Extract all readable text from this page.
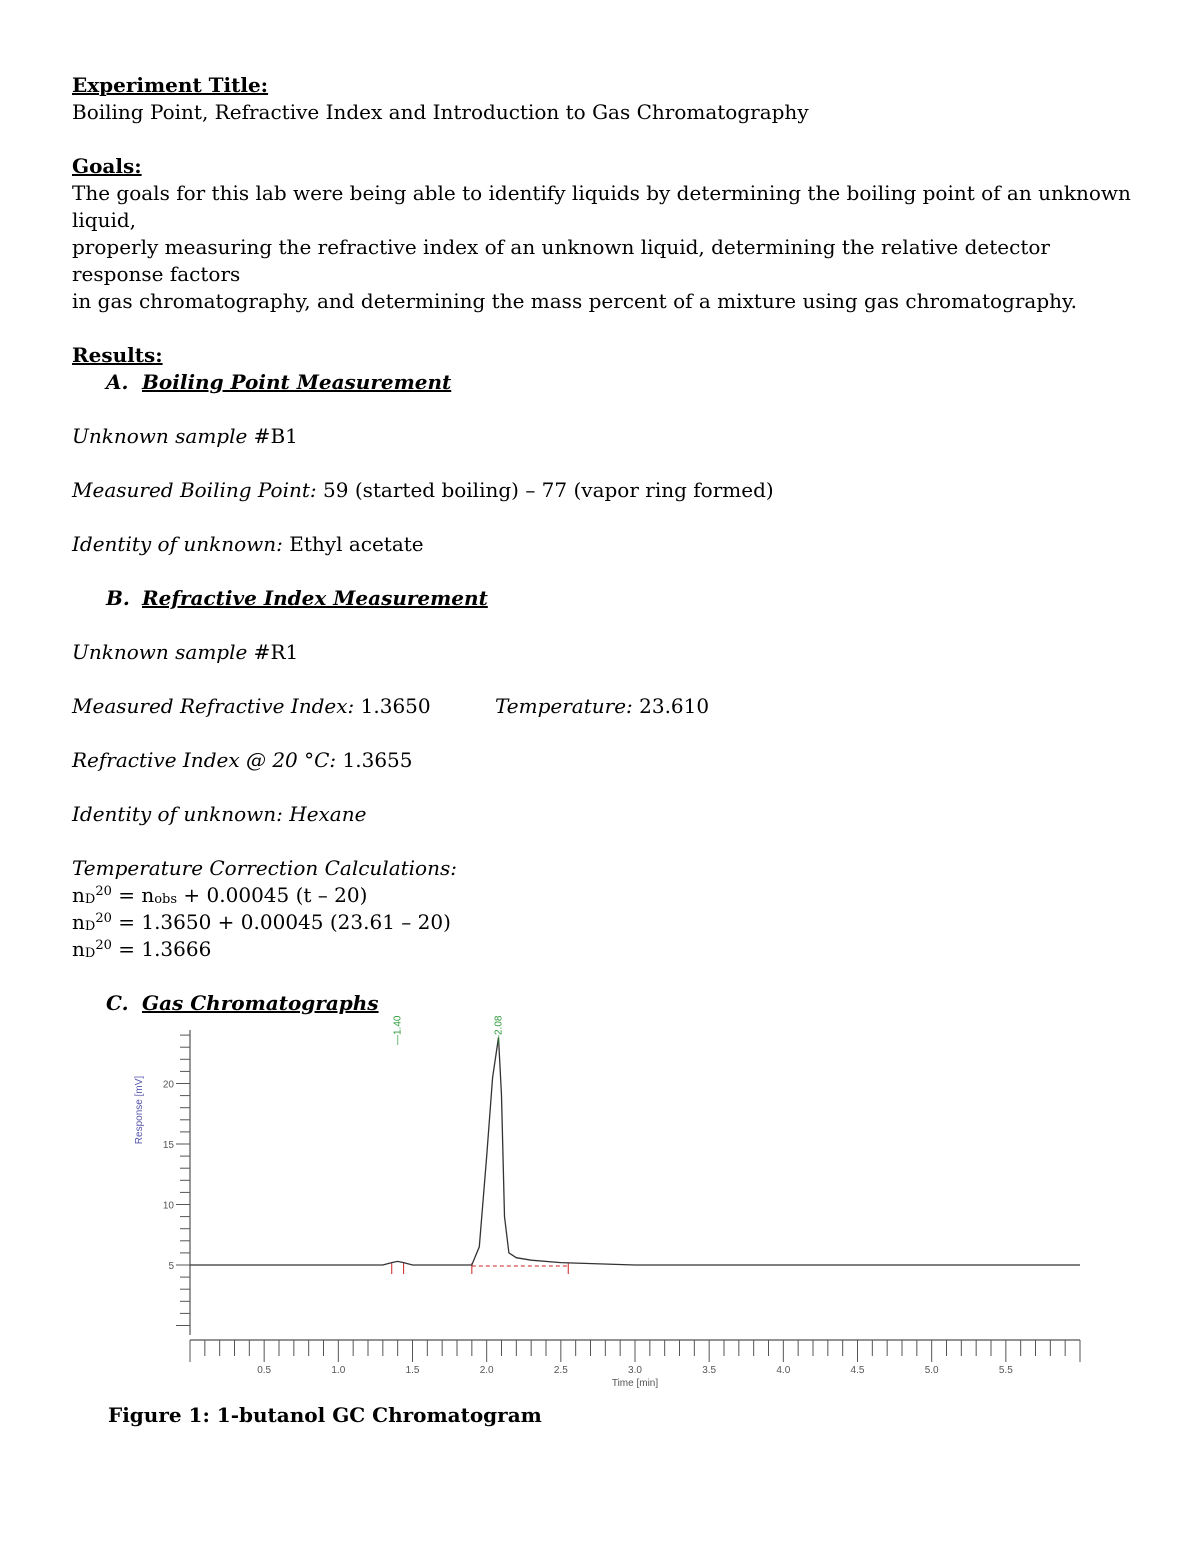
Experiment Title:
Boiling Point, Refractive Index and Introduction to Gas Chromatography
Goals:
The goals for this lab were being able to identify liquids by determining the boiling point of an unknown liquid,
properly measuring the refractive index of an unknown liquid, determining the relative detector response factors
in gas chromatography, and determining the mass percent of a mixture using gas chromatography.
Results:
A. Boiling Point Measurement
Unknown sample #B1
Measured Boiling Point: 59 (started boiling) – 77 (vapor ring formed)
Identity of unknown: Ethyl acetate
B. Refractive Index Measurement
Unknown sample #R1
Measured Refractive Index: 1.3650	Temperature: 23.610
Refractive Index @ 20 °C: 1.3655
Identity of unknown: Hexane
Temperature Correction Calculations:
$n_D^{20} = n_{obs} + 0.00045$ (t – 20)
$n_D^{20} = 1.3650 + 0.00045$ (23.61 – 20)
$n_D^{20} = 1.3666$
C. Gas Chromatographs
5
10
15
20
Response [mV]
0.5	1.0	1.5	2.0	2.5	3.0	3.5	4.0	4.5	5.0	5.5
Time [min]
—1.40	—2.08
Figure 1: 1-butanol GC Chromatogram
